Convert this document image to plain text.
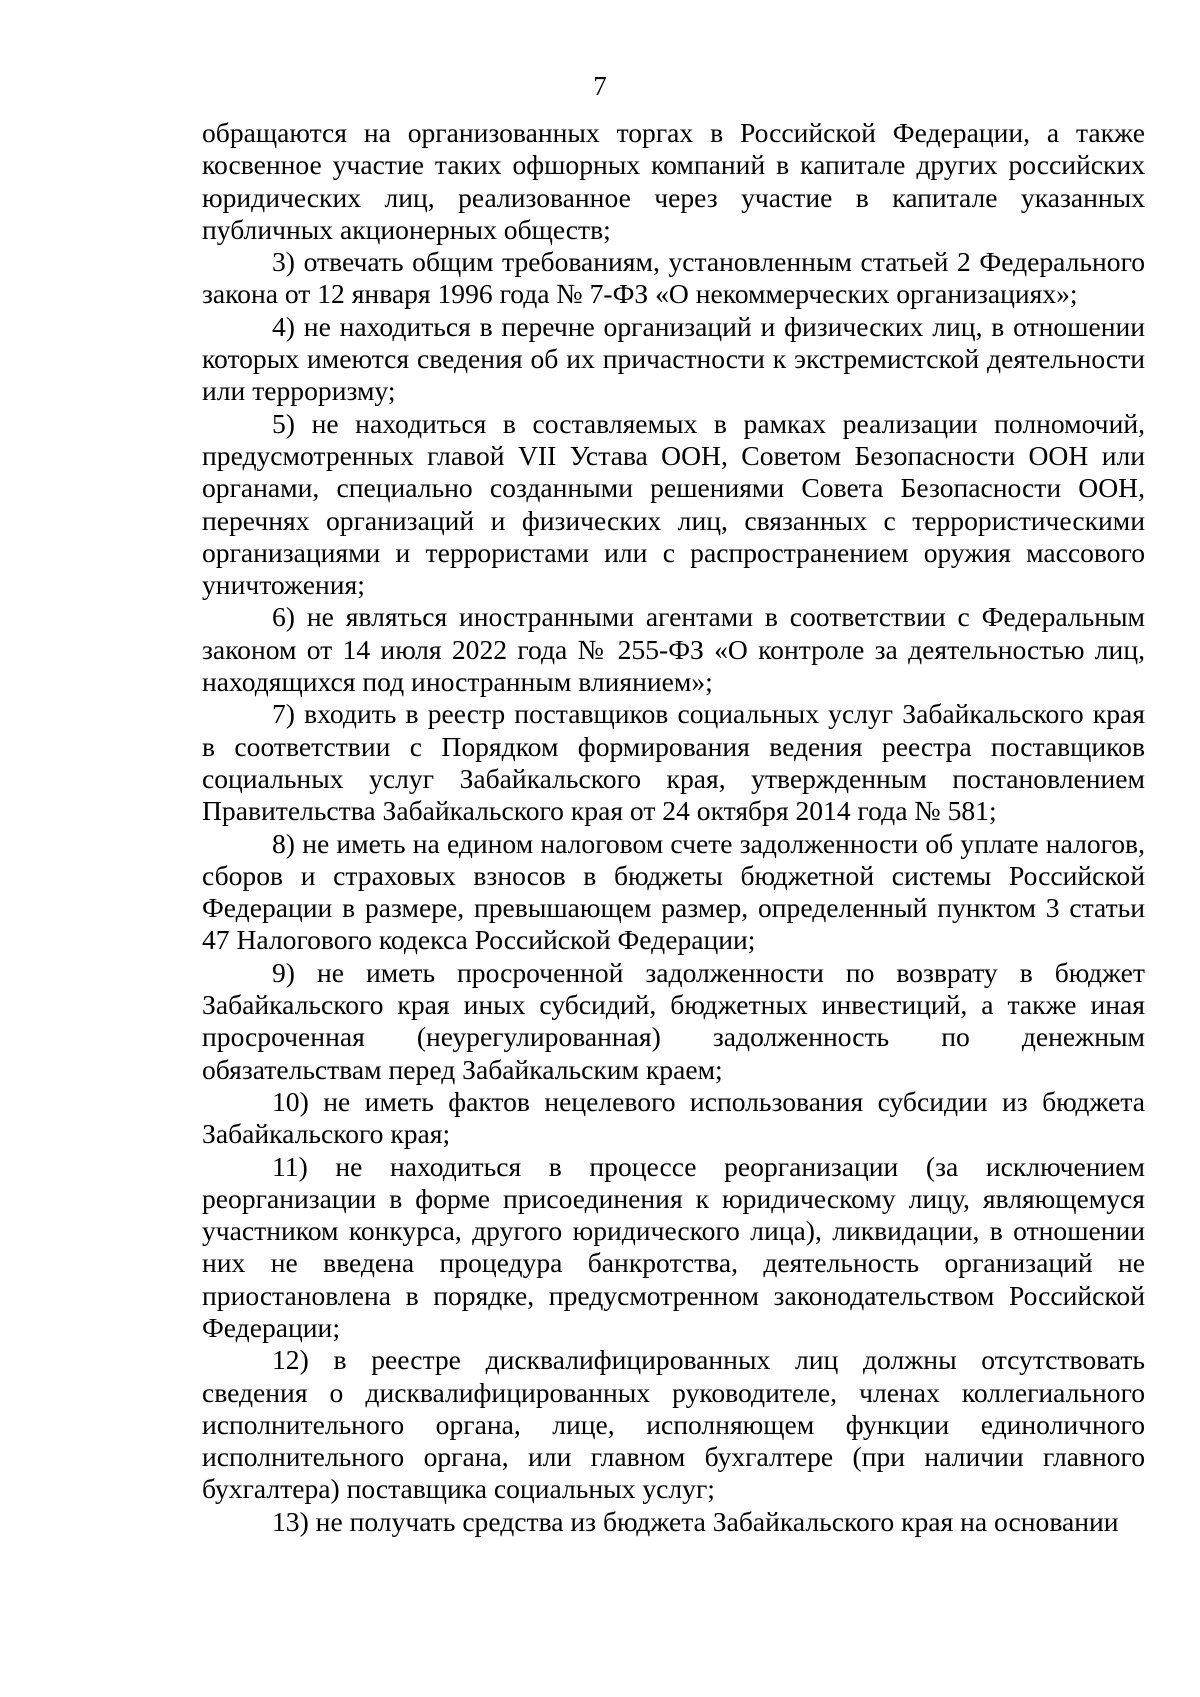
7

обращаются на организованных торгах в Российской Федерации, а также косвенное участие таких офшорных компаний в капитале других российских юридических лиц, реализованное через участие в капитале указанных публичных акционерных обществ;

3) отвечать общим требованиям, установленным статьей 2 Федерального закона от 12 января 1996 года № 7-ФЗ «О некоммерческих организациях»;

4) не находиться в перечне организаций и физических лиц, в отношении которых имеются сведения об их причастности к экстремистской деятельности или терроризму;

5) не находиться в составляемых в рамках реализации полномочий, предусмотренных главой VII Устава ООН, Советом Безопасности ООН или органами, специально созданными решениями Совета Безопасности ООН, перечнях организаций и физических лиц, связанных с террористическими организациями и террористами или с распространением оружия массового уничтожения;

6) не являться иностранными агентами в соответствии с Федеральным законом от 14 июля 2022 года № 255-ФЗ «О контроле за деятельностью лиц, находящихся под иностранным влиянием»;

7) входить в реестр поставщиков социальных услуг Забайкальского края в соответствии с Порядком формирования ведения реестра поставщиков социальных услуг Забайкальского края, утвержденным постановлением Правительства Забайкальского края от 24 октября 2014 года № 581;

8) не иметь на едином налоговом счете задолженности об уплате налогов, сборов и страховых взносов в бюджеты бюджетной системы Российской Федерации в размере, превышающем размер, определенный пунктом 3 статьи 47 Налогового кодекса Российской Федерации;

9) не иметь просроченной задолженности по возврату в бюджет Забайкальского края иных субсидий, бюджетных инвестиций, а также иная просроченная (неурегулированная) задолженность по денежным обязательствам перед Забайкальским краем;

10) не иметь фактов нецелевого использования субсидии из бюджета Забайкальского края;

11) не находиться в процессе реорганизации (за исключением реорганизации в форме присоединения к юридическому лицу, являющемуся участником конкурса, другого юридического лица), ликвидации, в отношении них не введена процедура банкротства, деятельность организаций не приостановлена в порядке, предусмотренном законодательством Российской Федерации;

12) в реестре дисквалифицированных лиц должны отсутствовать сведения о дисквалифицированных руководителе, членах коллегиального исполнительного органа, лице, исполняющем функции единоличного исполнительного органа, или главном бухгалтере (при наличии главного бухгалтера) поставщика социальных услуг;

13) не получать средства из бюджета Забайкальского края на основании
